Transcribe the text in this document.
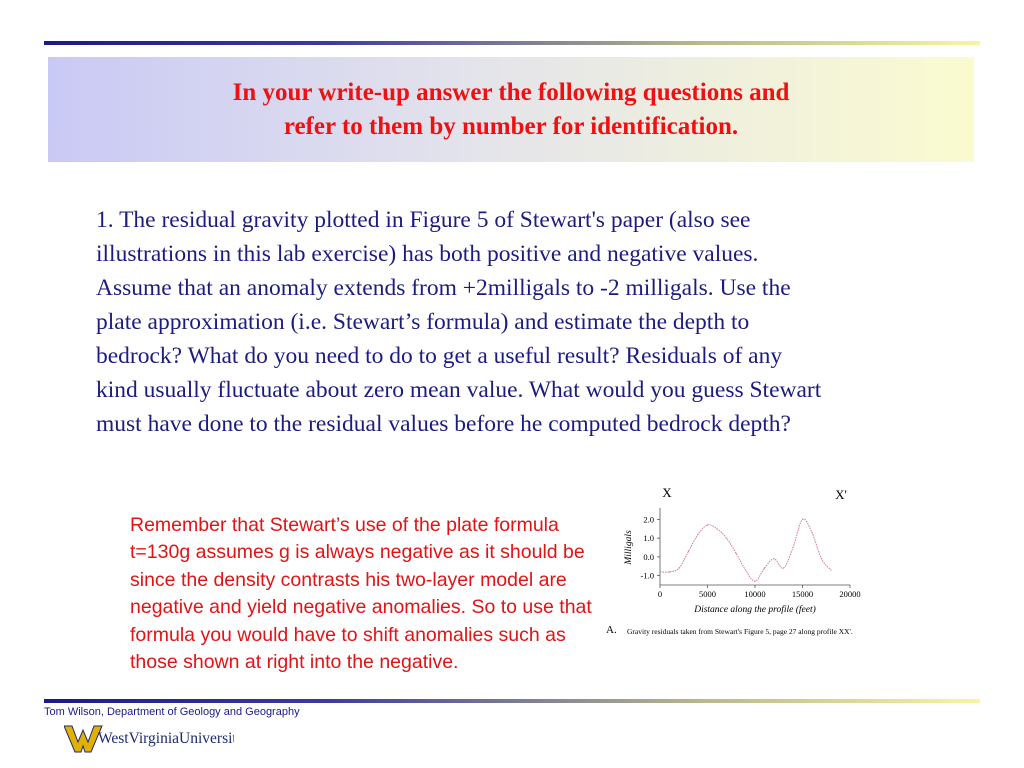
In your write-up answer the following questions and
refer to them by number for identification.
1. The residual gravity plotted in Figure 5 of Stewart's paper (also see illustrations in this lab exercise) has both positive and negative values. Assume that an anomaly extends from +2milligals to -2 milligals. Use the plate approximation (i.e. Stewart’s formula) and estimate the depth to bedrock? What do you need to do to get a useful result? Residuals of any kind usually fluctuate about zero mean value. What would you guess Stewart must have done to the residual values before he computed bedrock depth?
Remember that Stewart’s use of the plate formula t=130g assumes g is always negative as it should be since the density contrasts his two-layer model are negative and yield negative anomalies. So to use that formula you would have to shift anomalies such as those shown at right into the negative.
X	X'
2.0
1.0
0.0
-1.0
0	5000	10000	15000	20000
Distance along the profile (feet)
Milligals
A. Gravity residuals taken from Stewart's Figure 5, page 27 along profile XX'.
Tom Wilson, Department of Geology and Geography
WestVirginiaUniversity.
